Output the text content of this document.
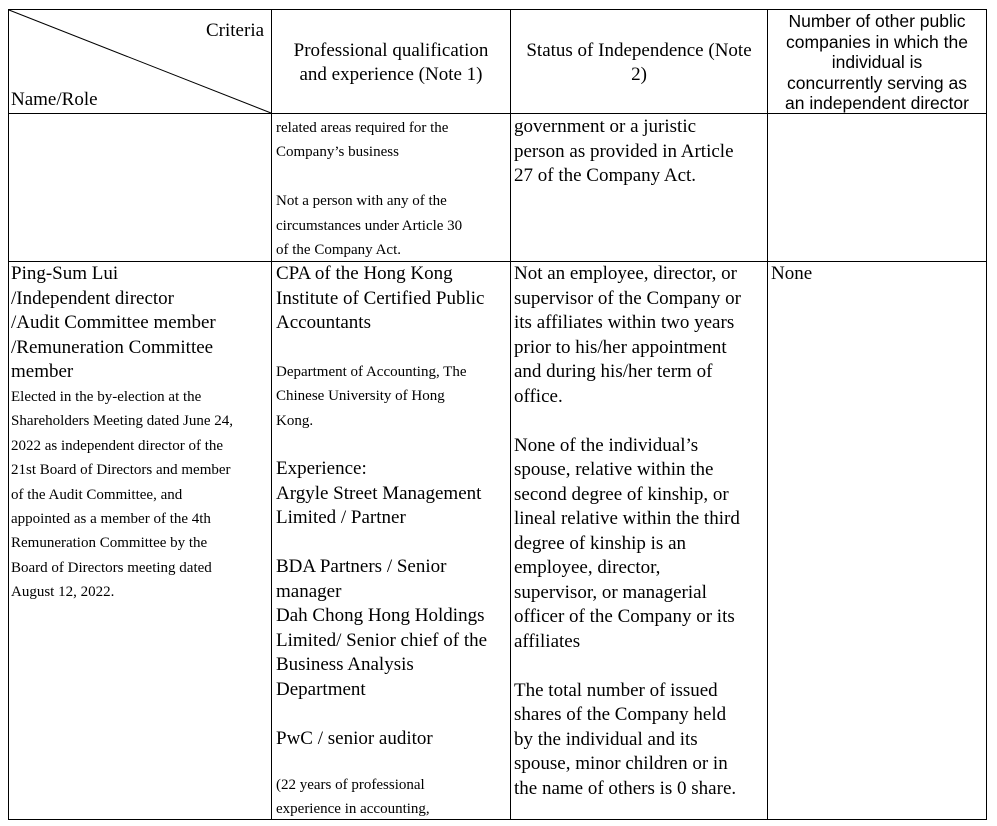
Criteria
Name/Role
Professional qualification
and experience (Note 1)
Status of Independence (Note
2)
Number of other public
companies in which the
individual is
concurrently serving as
an independent director
related areas required for the
Company’s business

Not a person with any of the
circumstances under Article 30
of the Company Act.
government or a juristic
person as provided in Article
27 of the Company Act.
Ping-Sum Lui
/Independent director
/Audit Committee member
/Remuneration Committee
member
Elected in the by-election at the
Shareholders Meeting dated June 24,
2022 as independent director of the
21st Board of Directors and member
of the Audit Committee, and
appointed as a member of the 4th
Remuneration Committee by the
Board of Directors meeting dated
August 12, 2022.
CPA of the Hong Kong
Institute of Certified Public
Accountants
Department of Accounting, The
Chinese University of Hong
Kong.
Experience:
Argyle Street Management
Limited / Partner

BDA Partners / Senior
manager
Dah Chong Hong Holdings
Limited/ Senior chief of the
Business Analysis
Department

PwC / senior auditor
(22 years of professional
experience in accounting,
Not an employee, director, or
supervisor of the Company or
its affiliates within two years
prior to his/her appointment
and during his/her term of
office.

None of the individual’s
spouse, relative within the
second degree of kinship, or
lineal relative within the third
degree of kinship is an
employee, director,
supervisor, or managerial
officer of the Company or its
affiliates

The total number of issued
shares of the Company held
by the individual and its
spouse, minor children or in
the name of others is 0 share.
None
